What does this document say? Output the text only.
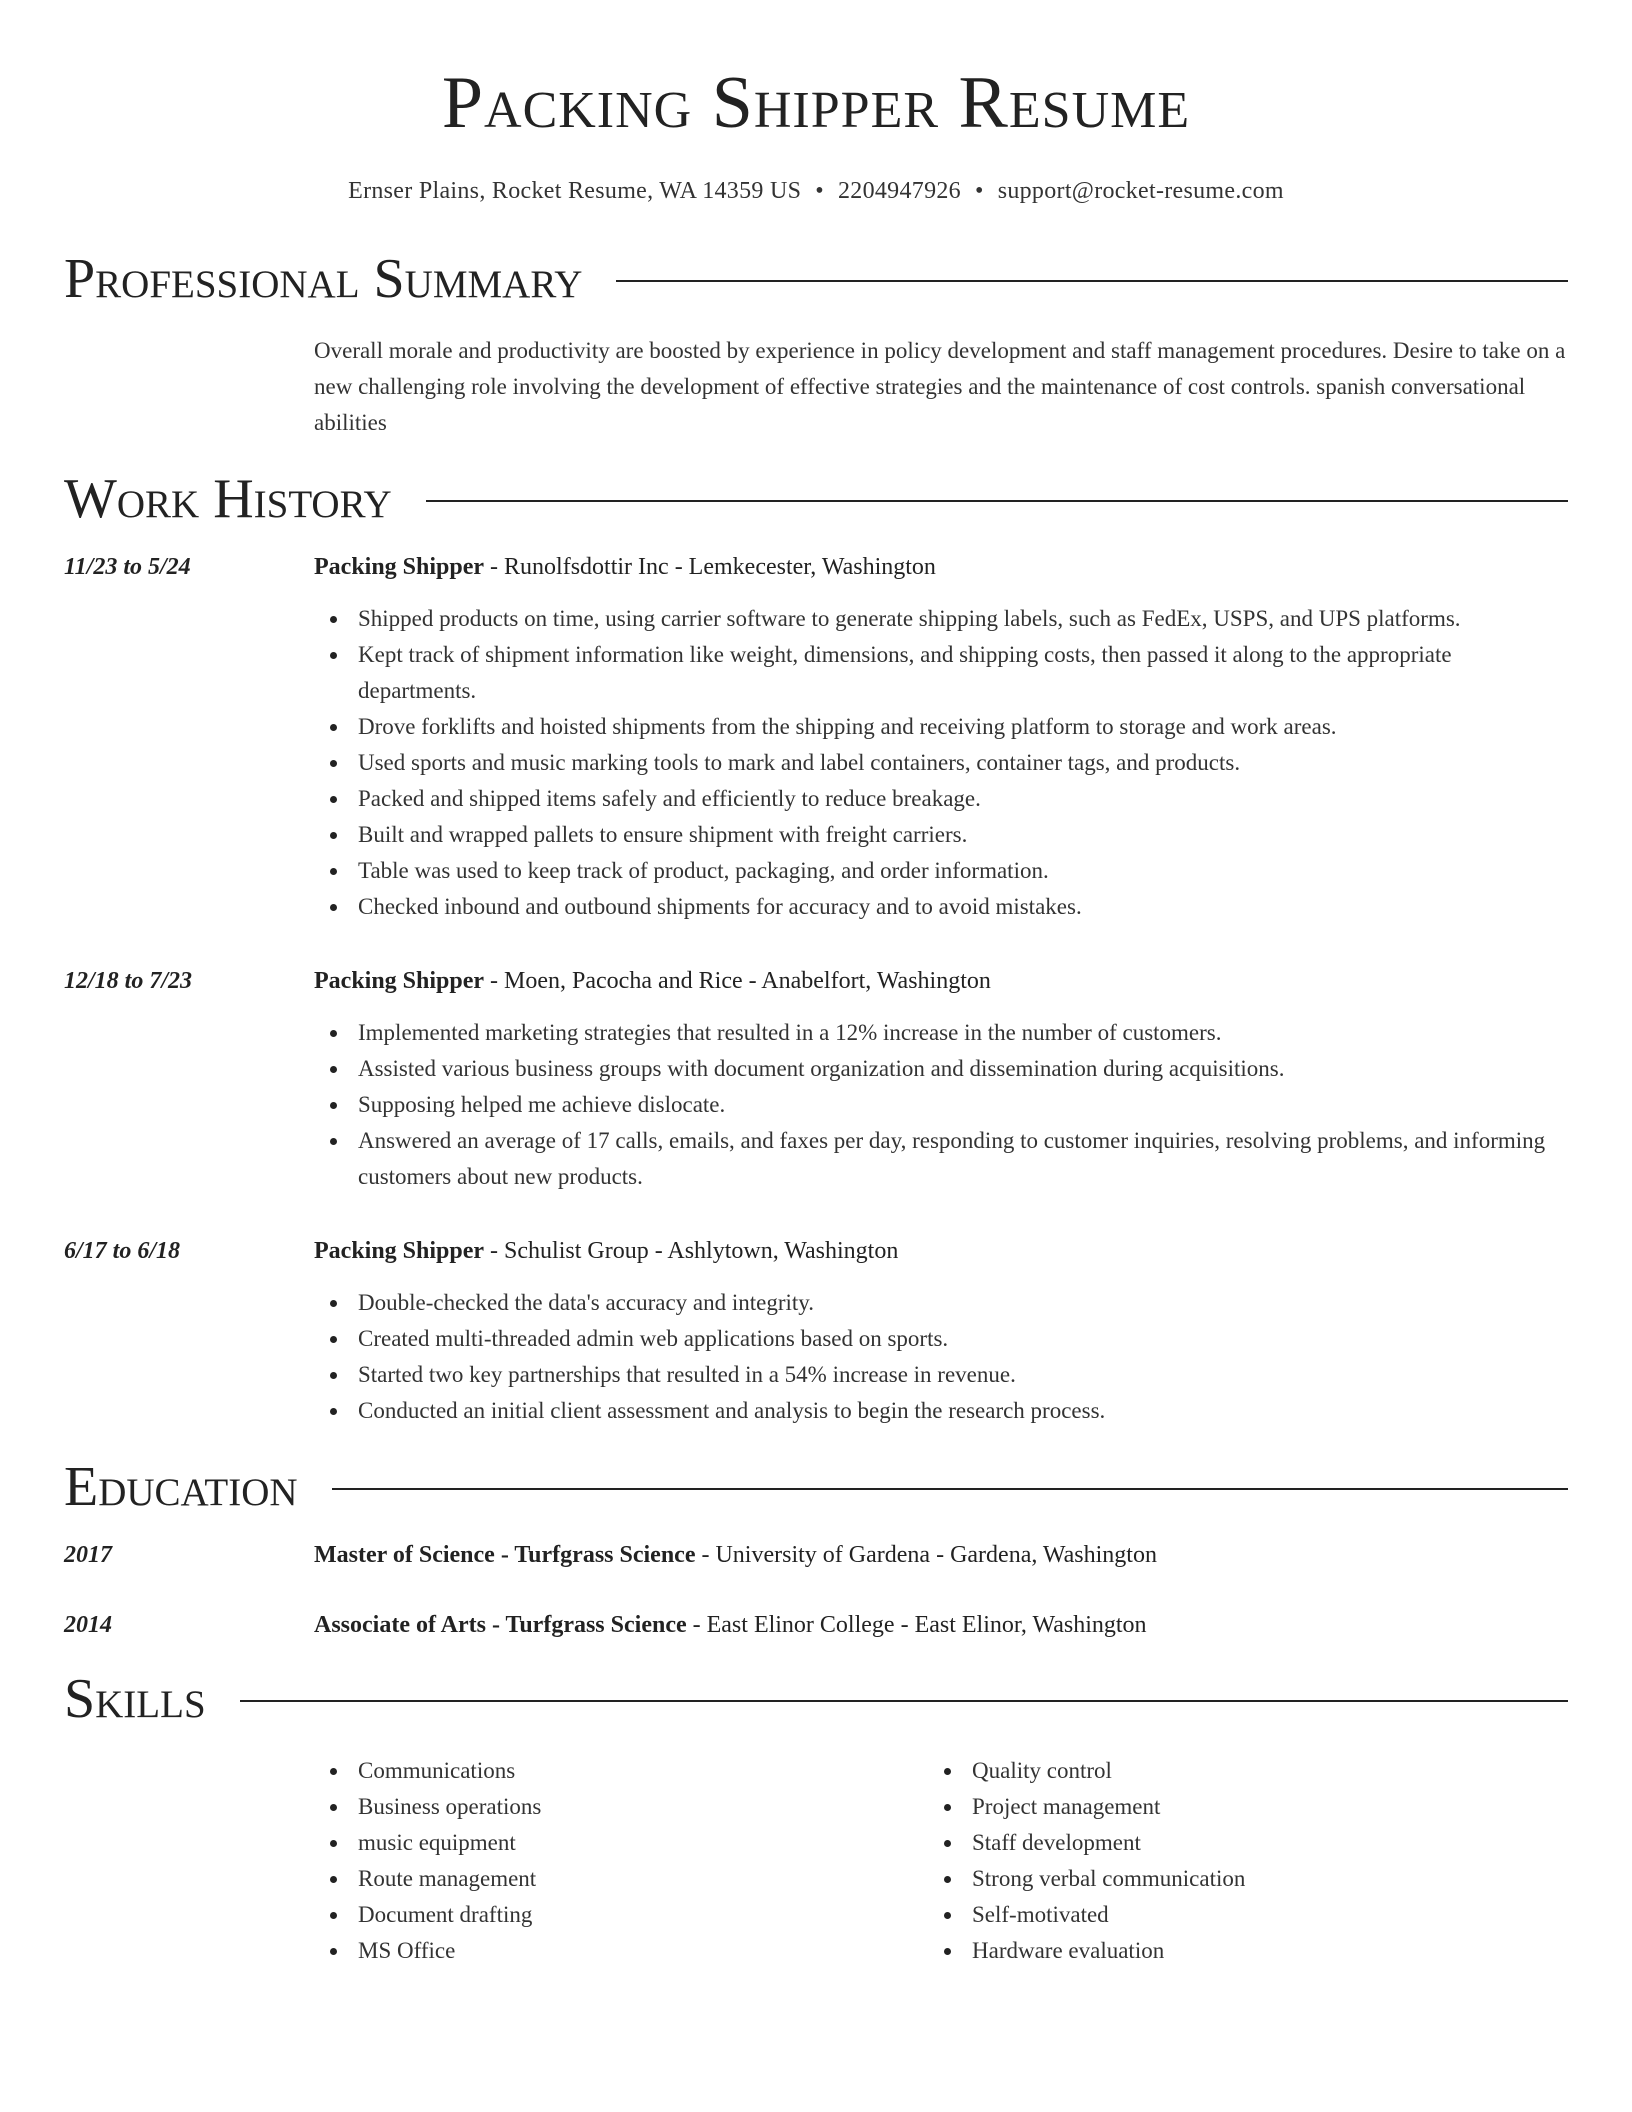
Packing Shipper Resume
Ernser Plains, Rocket Resume, WA 14359 US • 2204947926 • support@rocket-resume.com
Professional Summary

Overall morale and productivity are boosted by experience in policy development and staff management procedures. Desire to take on a new challenging role involving the development of effective strategies and the maintenance of cost controls. spanish conversational abilities

Work History
11/23 to 5/24	Packing Shipper - Runolfsdottir Inc - Lemkecester, Washington
Shipped products on time, using carrier software to generate shipping labels, such as FedEx, USPS, and UPS platforms.
Kept track of shipment information like weight, dimensions, and shipping costs, then passed it along to the appropriate departments.
Drove forklifts and hoisted shipments from the shipping and receiving platform to storage and work areas.
Used sports and music marking tools to mark and label containers, container tags, and products.
Packed and shipped items safely and efficiently to reduce breakage.
Built and wrapped pallets to ensure shipment with freight carriers.
Table was used to keep track of product, packaging, and order information.
Checked inbound and outbound shipments for accuracy and to avoid mistakes.
12/18 to 7/23	Packing Shipper - Moen, Pacocha and Rice - Anabelfort, Washington
Implemented marketing strategies that resulted in a 12% increase in the number of customers.
Assisted various business groups with document organization and dissemination during acquisitions.
Supposing helped me achieve dislocate.
Answered an average of 17 calls, emails, and faxes per day, responding to customer inquiries, resolving problems, and informing customers about new products.
6/17 to 6/18	Packing Shipper - Schulist Group - Ashlytown, Washington
Double-checked the data's accuracy and integrity.
Created multi-threaded admin web applications based on sports.
Started two key partnerships that resulted in a 54% increase in revenue.
Conducted an initial client assessment and analysis to begin the research process.
Education
2017	Master of Science - Turfgrass Science - University of Gardena - Gardena, Washington
2014	Associate of Arts - Turfgrass Science - East Elinor College - East Elinor, Washington
Skills
Communications
Business operations
music equipment
Route management
Document drafting
MS Office
Quality control
Project management
Staff development
Strong verbal communication
Self-motivated
Hardware evaluation
